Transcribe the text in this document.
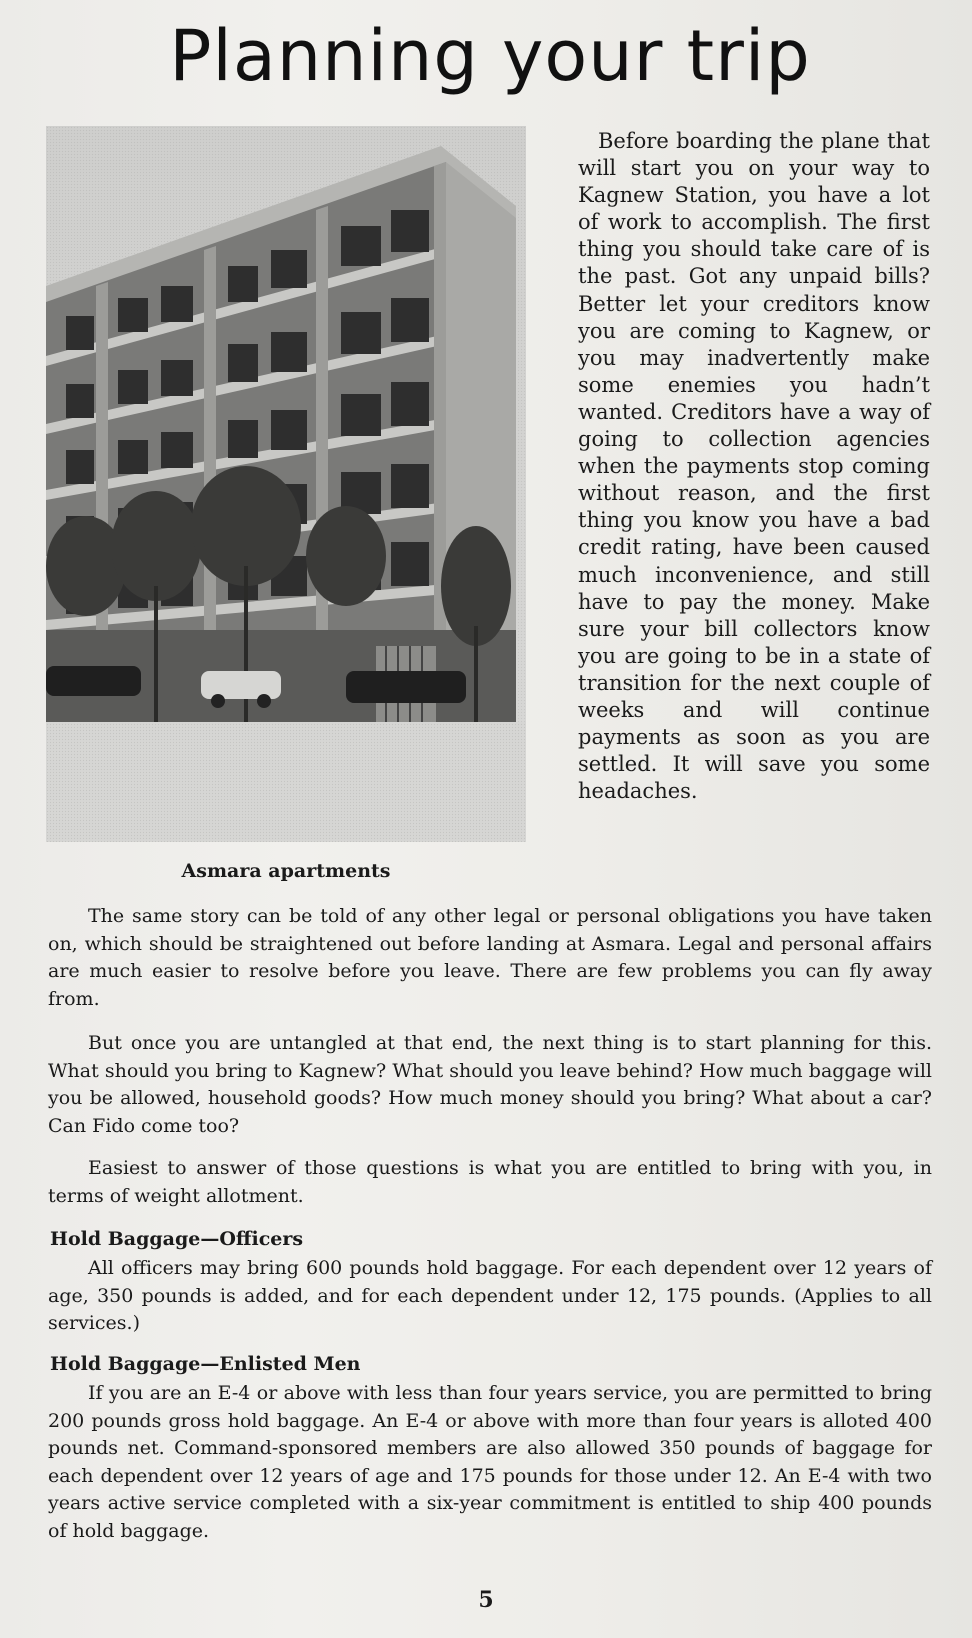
Planning your trip

Asmara apartments

Before boarding the plane that will start you on your way to Kagnew Station, you have a lot of work to accomplish. The first thing you should take care of is the past. Got any unpaid bills? Better let your creditors know you are coming to Kagnew, or you may inadvertently make some enemies you hadn’t wanted. Creditors have a way of going to collection agencies when the payments stop coming without reason, and the first thing you know you have a bad credit rating, have been caused much inconvenience, and still have to pay the money. Make sure your bill collectors know you are going to be in a state of transition for the next couple of weeks and will continue payments as soon as you are settled. It will save you some headaches.

The same story can be told of any other legal or personal obligations you have taken on, which should be straightened out before landing at Asmara. Legal and personal affairs are much easier to resolve before you leave. There are few problems you can fly away from.

But once you are untangled at that end, the next thing is to start planning for this. What should you bring to Kagnew? What should you leave behind? How much baggage will you be allowed, household goods? How much money should you bring? What about a car? Can Fido come too?

Easiest to answer of those questions is what you are entitled to bring with you, in terms of weight allotment.

Hold Baggage—Officers

All officers may bring 600 pounds hold baggage. For each dependent over 12 years of age, 350 pounds is added, and for each dependent under 12, 175 pounds. (Applies to all services.)

Hold Baggage—Enlisted Men

If you are an E-4 or above with less than four years service, you are permitted to bring 200 pounds gross hold baggage. An E-4 or above with more than four years is alloted 400 pounds net. Command-sponsored members are also allowed 350 pounds of baggage for each dependent over 12 years of age and 175 pounds for those under 12. An E-4 with two years active service completed with a six-year commitment is entitled to ship 400 pounds of hold baggage.

5
